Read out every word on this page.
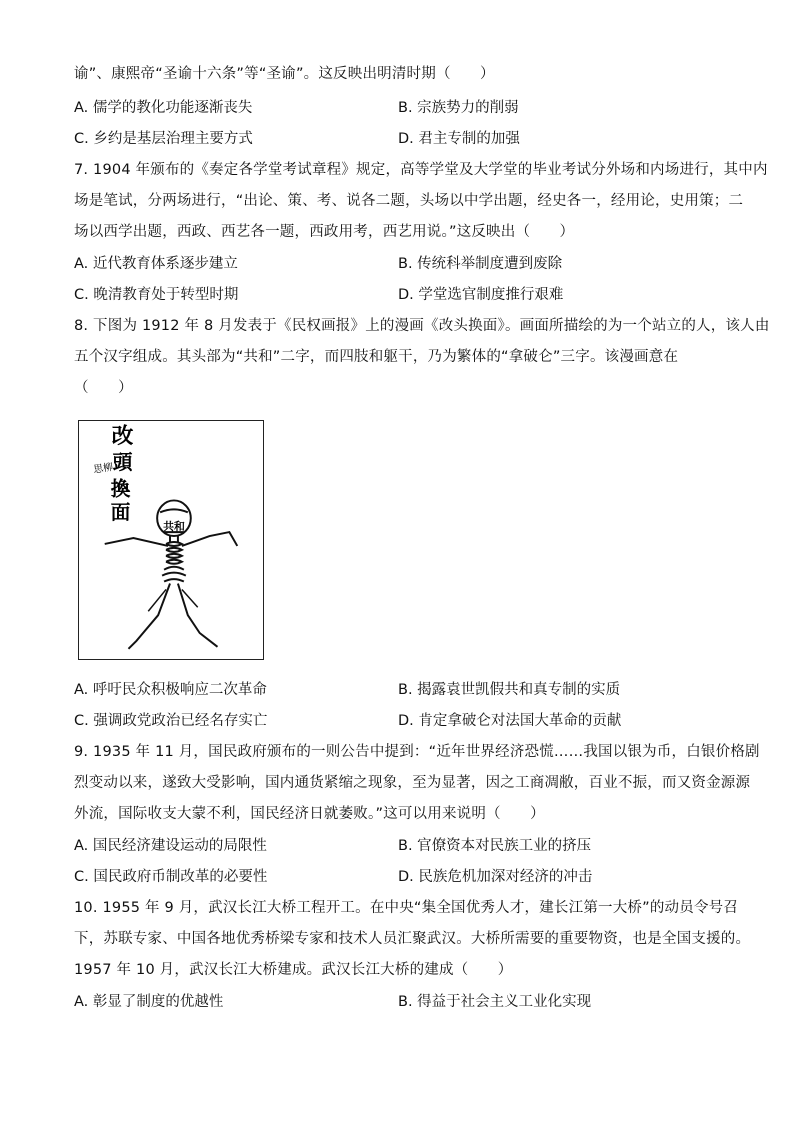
谕”、康熙帝“圣谕十六条”等“圣谕”。这反映出明清时期（　　）
A. 儒学的教化功能逐渐丧失	B. 宗族势力的削弱
C. 乡约是基层治理主要方式	D. 君主专制的加强
7. 1904 年颁布的《奏定各学堂考试章程》规定，高等学堂及大学堂的毕业考试分外场和内场进行，其中内
场是笔试，分两场进行，“出论、策、考、说各二题，头场以中学出题，经史各一，经用论，史用策；二
场以西学出题，西政、西艺各一题，西政用考，西艺用说。”这反映出（　　）
A. 近代教育体系逐步建立	B. 传统科举制度遭到废除
C. 晚清教育处于转型时期	D. 学堂选官制度推行艰难
8. 下图为 1912 年 8 月发表于《民权画报》上的漫画《改头换面》。画面所描绘的为一个站立的人，该人由
五个汉字组成。其头部为“共和”二字，而四肢和躯干，乃为繁体的“拿破仑”三字。该漫画意在
（　　）
改
頭
換
面
思柳
共和
A. 呼吁民众积极响应二次革命	B. 揭露袁世凯假共和真专制的实质
C. 强调政党政治已经名存实亡	D. 肯定拿破仑对法国大革命的贡献
9. 1935 年 11 月，国民政府颁布的一则公告中提到：“近年世界经济恐慌……我国以银为币，白银价格剧
烈变动以来，遂致大受影响，国内通货紧缩之现象，至为显著，因之工商凋敝，百业不振，而又资金源源
外流，国际收支大蒙不利，国民经济日就萎败。”这可以用来说明（　　）
A. 国民经济建设运动的局限性	B. 官僚资本对民族工业的挤压
C. 国民政府币制改革的必要性	D. 民族危机加深对经济的冲击
10. 1955 年 9 月，武汉长江大桥工程开工。在中央“集全国优秀人才，建长江第一大桥”的动员令号召
下，苏联专家、中国各地优秀桥梁专家和技术人员汇聚武汉。大桥所需要的重要物资，也是全国支援的。
1957 年 10 月，武汉长江大桥建成。武汉长江大桥的建成（　　）
A. 彰显了制度的优越性	B. 得益于社会主义工业化实现
